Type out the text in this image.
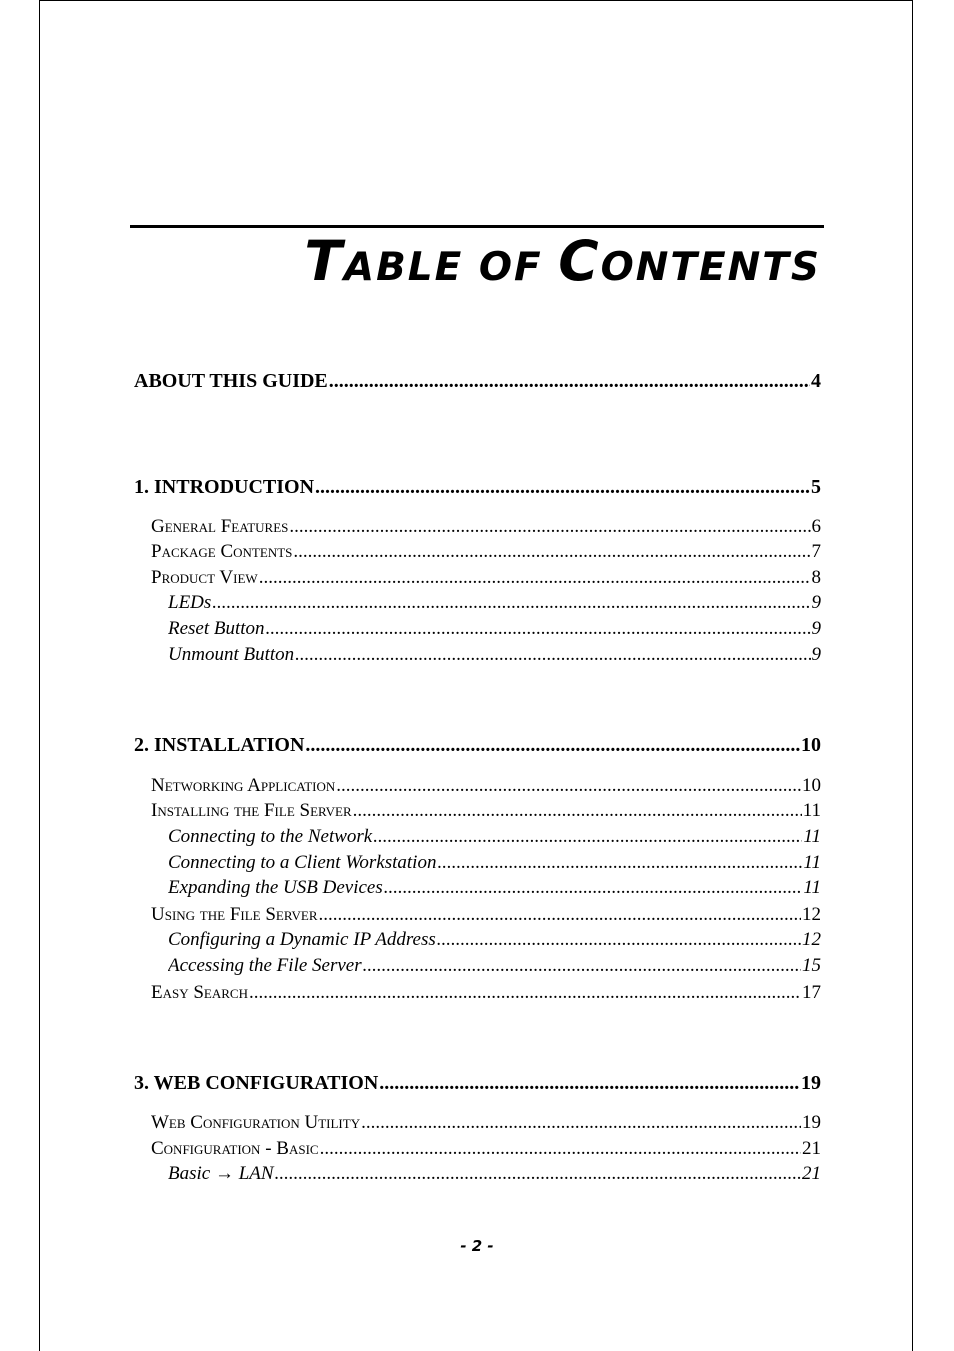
TABLE OF CONTENTS
ABOUT THIS GUIDE .....	4
1. INTRODUCTION .....	5
General Features .....	6
Package Contents .....	7
Product View .....	8
LEDs .....	9
Reset Button .....	9
Unmount Button .....	9
2. INSTALLATION .....	10
Networking Application .....	10
Installing the File Server .....	11
Connecting to the Network .....	11
Connecting to a Client Workstation .....	11
Expanding the USB Devices .....	11
Using the File Server .....	12
Configuring a Dynamic IP Address .....	12
Accessing the File Server .....	15
Easy Search .....	17
3. WEB CONFIGURATION .....	19
Web Configuration Utility .....	19
Configuration - Basic .....	21
Basic → LAN .....	21
- 2 -
